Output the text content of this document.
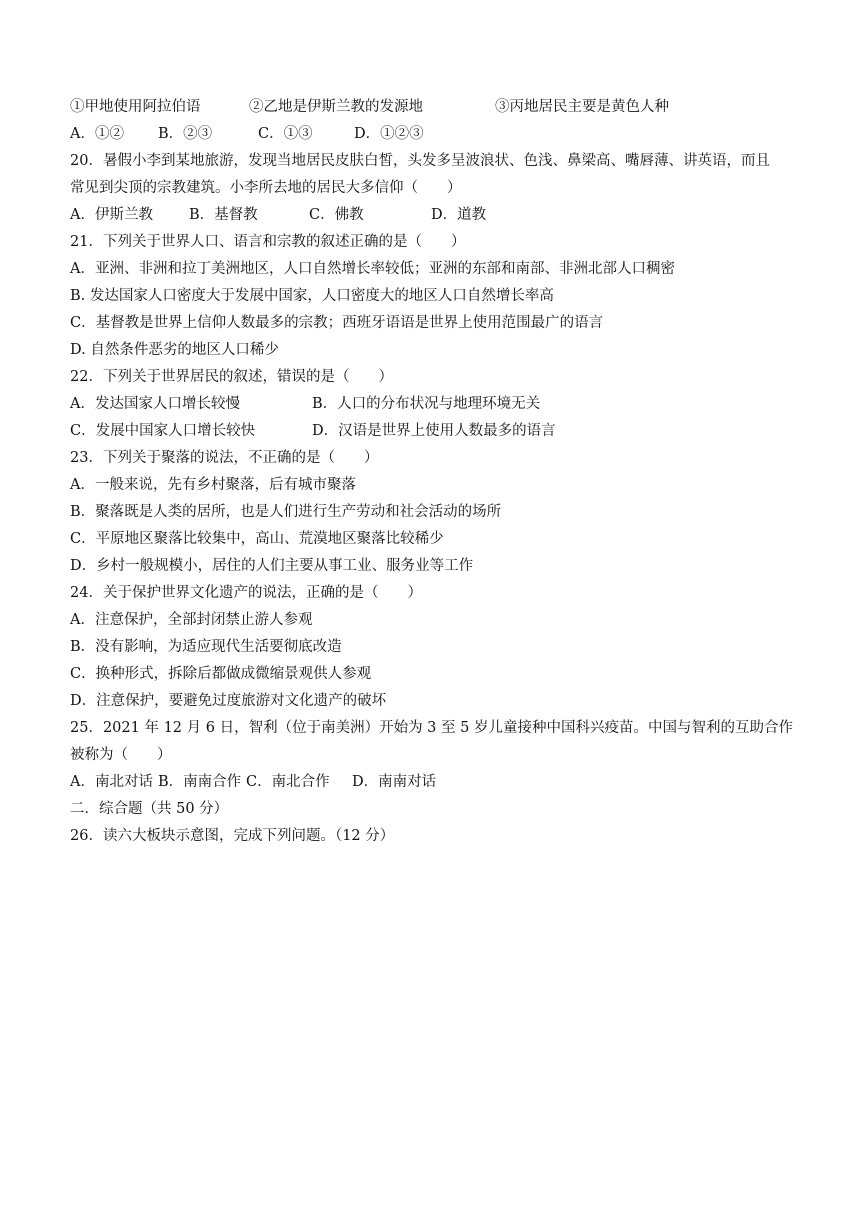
①甲地使用阿拉伯语	②乙地是伊斯兰教的发源地	③丙地居民主要是黄色人种
A．①②	B．②③	C．①③	D．①②③
20．暑假小李到某地旅游，发现当地居民皮肤白皙，头发多呈波浪状、色浅、鼻梁高、嘴唇薄、讲英语，而且
常见到尖顶的宗教建筑。小李所去地的居民大多信仰（　　）
A．伊斯兰教	B．基督教	C．佛教	D．道教
21．下列关于世界人口、语言和宗教的叙述正确的是（　　）
A．亚洲、非洲和拉丁美洲地区，人口自然增长率较低；亚洲的东部和南部、非洲北部人口稠密
B. 发达国家人口密度大于发展中国家，人口密度大的地区人口自然增长率高
C．基督教是世界上信仰人数最多的宗教；西班牙语语是世界上使用范围最广的语言
D. 自然条件恶劣的地区人口稀少
22．下列关于世界居民的叙述，错误的是（　　）
A．发达国家人口增长较慢	B．人口的分布状况与地理环境无关
C．发展中国家人口增长较快	D．汉语是世界上使用人数最多的语言
23．下列关于聚落的说法，不正确的是（　　）
A．一般来说，先有乡村聚落，后有城市聚落
B．聚落既是人类的居所，也是人们进行生产劳动和社会活动的场所
C．平原地区聚落比较集中，高山、荒漠地区聚落比较稀少
D．乡村一般规模小，居住的人们主要从事工业、服务业等工作
24．关于保护世界文化遗产的说法，正确的是（　　）
A．注意保护，全部封闭禁止游人参观
B．没有影响，为适应现代生活要彻底改造
C．换种形式，拆除后都做成微缩景观供人参观
D．注意保护，要避免过度旅游对文化遗产的破坏
25．2021 年 12 月 6 日，智利（位于南美洲）开始为 3 至 5 岁儿童接种中国科兴疫苗。中国与智利的互助合作
被称为（　　）
A．南北对话 B．南南合作 C．南北合作	D．南南对话
二．综合题（共 50 分）
26．读六大板块示意图，完成下列问题。（12 分）
